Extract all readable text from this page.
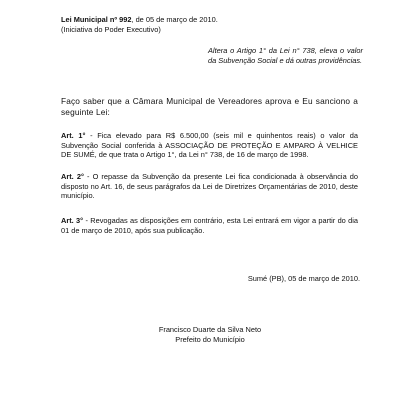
Lei Municipal nº 992, de 05 de março de 2010.

(Iniciativa do Poder Executivo)

Altera o Artigo 1° da Lei n° 738, eleva o valor da Subvenção Social e dá outras providências.

Faço saber que a Câmara Municipal de Vereadores aprova e Eu sanciono a seguinte Lei:

Art. 1° - Fica elevado para R$ 6.500,00 (seis mil e quinhentos reais) o valor da Subvenção Social conferida à ASSOCIAÇÃO DE PROTEÇÃO E AMPARO À VELHICE DE SUMÉ, de que trata o Artigo 1°, da Lei n° 738, de 16 de março de 1998.

Art. 2° - O repasse da Subvenção da presente Lei fica condicionada à observância do disposto no Art. 16, de seus parágrafos da Lei de Diretrizes Orçamentárias de 2010, deste município.

Art. 3° - Revogadas as disposições em contrário, esta Lei entrará em vigor a partir do dia 01 de março de 2010, após sua publicação.

Sumé (PB), 05 de março de 2010.

Francisco Duarte da Silva Neto
Prefeito do Município
